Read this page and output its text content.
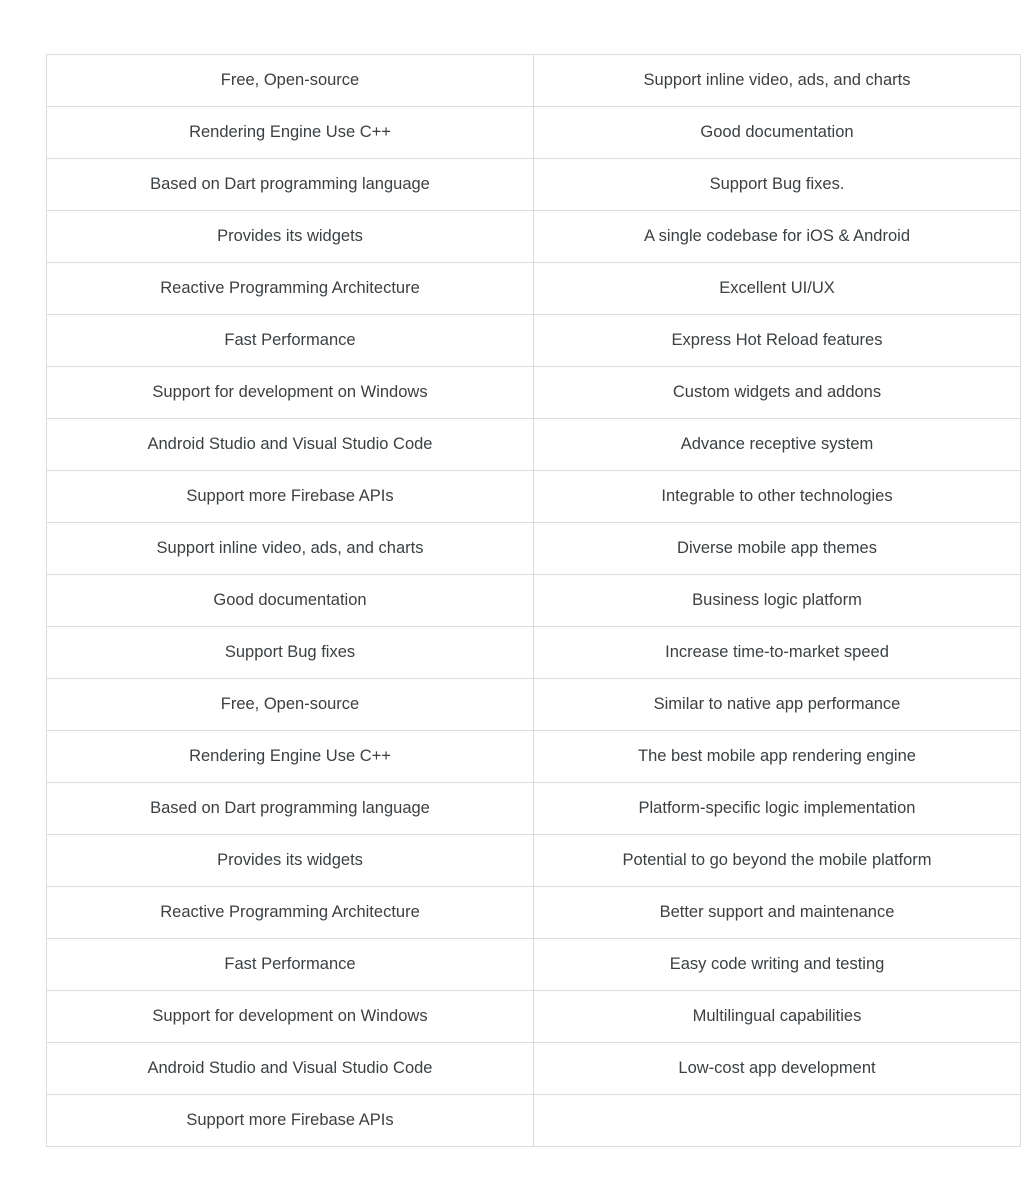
Free, Open-source	Support inline video, ads, and charts
Rendering Engine Use C++	Good documentation
Based on Dart programming language	Support Bug fixes.
Provides its widgets	A single codebase for iOS & Android
Reactive Programming Architecture	Excellent UI/UX
Fast Performance	Express Hot Reload features
Support for development on Windows	Custom widgets and addons
Android Studio and Visual Studio Code	Advance receptive system
Support more Firebase APIs	Integrable to other technologies
Support inline video, ads, and charts	Diverse mobile app themes
Good documentation	Business logic platform
Support Bug fixes	Increase time-to-market speed
Free, Open-source	Similar to native app performance
Rendering Engine Use C++	The best mobile app rendering engine
Based on Dart programming language	Platform-specific logic implementation
Provides its widgets	Potential to go beyond the mobile platform
Reactive Programming Architecture	Better support and maintenance
Fast Performance	Easy code writing and testing
Support for development on Windows	Multilingual capabilities
Android Studio and Visual Studio Code	Low-cost app development
Support more Firebase APIs	
